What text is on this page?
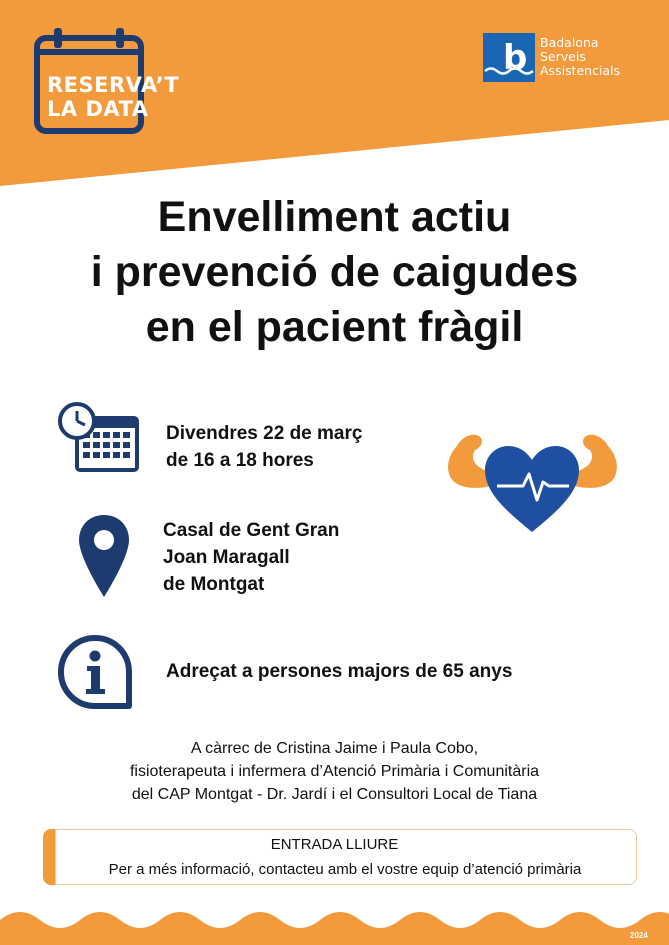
RESERVA’T
LA DATA
b Badalona
Serveis
Assistencials
Envelliment actiu
i prevenció de caigudes
en el pacient fràgil
Divendres 22 de març
de 16 a 18 hores
Casal de Gent Gran
Joan Maragall
de Montgat
Adreçat a persones majors de 65 anys
A càrrec de Cristina Jaime i Paula Cobo,
fisioterapeuta i infermera d’Atenció Primària i Comunitària
del CAP Montgat - Dr. Jardí i el Consultori Local de Tiana
ENTRADA LLIURE
Per a més informació, contacteu amb el vostre equip d’atenció primària
2024
